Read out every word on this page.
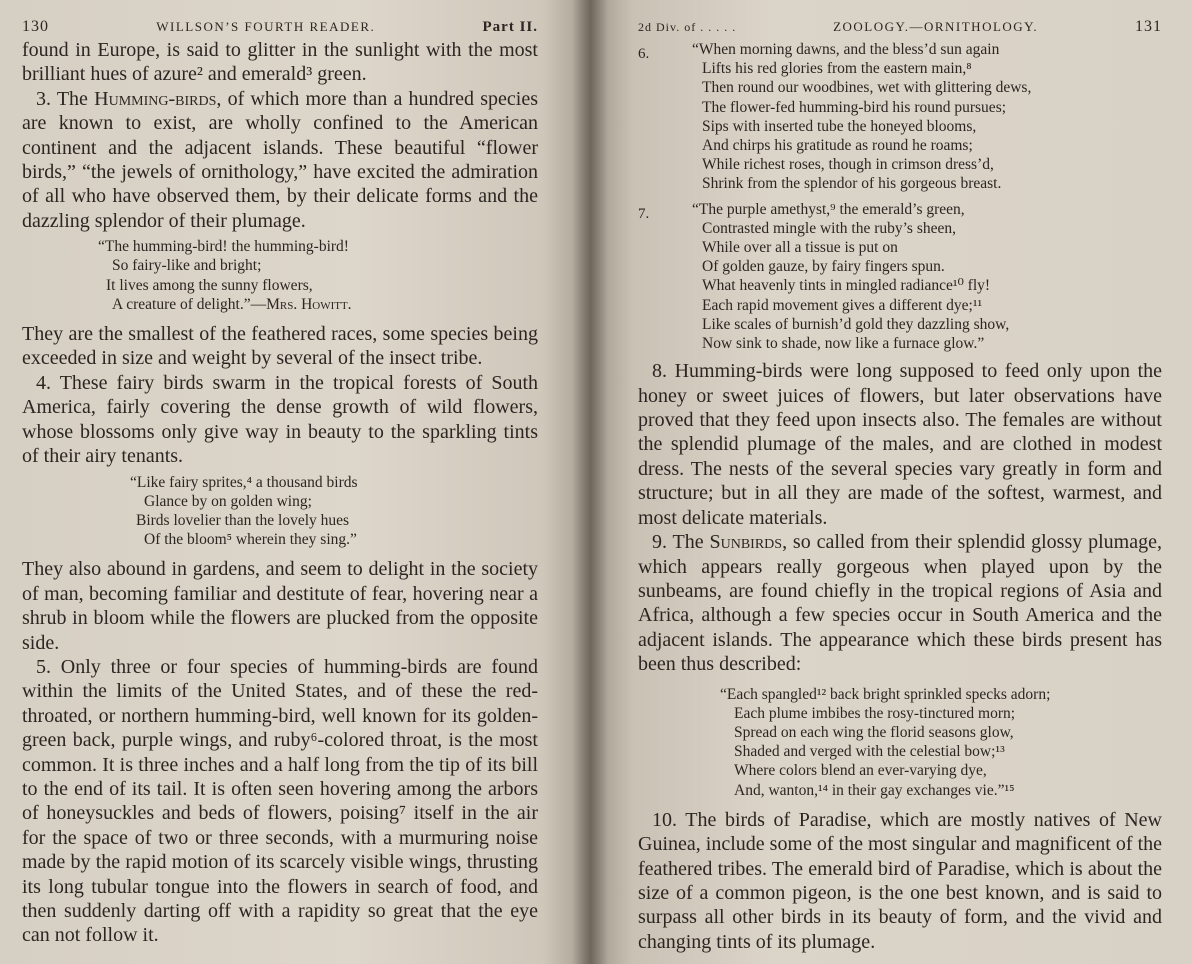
130	WILLSON’S FOURTH READER.	Part II.

found in Europe, is said to glitter in the sunlight with the most brilliant hues of azure² and emerald³ green.

3. The Humming-birds, of which more than a hundred species are known to exist, are wholly confined to the American continent and the adjacent islands. These beautiful “flower birds,” “the jewels of ornithology,” have excited the admiration of all who have observed them, by their delicate forms and the dazzling splendor of their plumage.

“The humming-bird! the humming-bird!
So fairy-like and bright;
It lives among the sunny flowers,
A creature of delight.”—Mrs. Howitt.

They are the smallest of the feathered races, some species being exceeded in size and weight by several of the insect tribe.

4. These fairy birds swarm in the tropical forests of South America, fairly covering the dense growth of wild flowers, whose blossoms only give way in beauty to the sparkling tints of their airy tenants.

“Like fairy sprites,⁴ a thousand birds
Glance by on golden wing;
Birds lovelier than the lovely hues
Of the bloom⁵ wherein they sing.”

They also abound in gardens, and seem to delight in the society of man, becoming familiar and destitute of fear, hovering near a shrub in bloom while the flowers are plucked from the opposite side.

5. Only three or four species of humming-birds are found within the limits of the United States, and of these the red-throated, or northern humming-bird, well known for its golden-green back, purple wings, and ruby⁶-colored throat, is the most common. It is three inches and a half long from the tip of its bill to the end of its tail. It is often seen hovering among the arbors of honeysuckles and beds of flowers, poising⁷ itself in the air for the space of two or three seconds, with a murmuring noise made by the rapid motion of its scarcely visible wings, thrusting its long tubular tongue into the flowers in search of food, and then suddenly darting off with a rapidity so great that the eye can not follow it.

2d Div. of . . . . .	ZOOLOGY.—ORNITHOLOGY.	131
6.	“When morning dawns, and the bless’d sun again
Lifts his red glories from the eastern main,⁸
Then round our woodbines, wet with glittering dews,
The flower-fed humming-bird his round pursues;
Sips with inserted tube the honeyed blooms,
And chirps his gratitude as round he roams;
While richest roses, though in crimson dress’d,
Shrink from the splendor of his gorgeous breast.
7.	“The purple amethyst,⁹ the emerald’s green,
Contrasted mingle with the ruby’s sheen,
While over all a tissue is put on
Of golden gauze, by fairy fingers spun.
What heavenly tints in mingled radiance¹⁰ fly!
Each rapid movement gives a different dye;¹¹
Like scales of burnish’d gold they dazzling show,
Now sink to shade, now like a furnace glow.”

8. Humming-birds were long supposed to feed only upon the honey or sweet juices of flowers, but later observations have proved that they feed upon insects also. The females are without the splendid plumage of the males, and are clothed in modest dress. The nests of the several species vary greatly in form and structure; but in all they are made of the softest, warmest, and most delicate materials.

9. The Sunbirds, so called from their splendid glossy plumage, which appears really gorgeous when played upon by the sunbeams, are found chiefly in the tropical regions of Asia and Africa, although a few species occur in South America and the adjacent islands. The appearance which these birds present has been thus described:

“Each spangled¹² back bright sprinkled specks adorn;
Each plume imbibes the rosy-tinctured morn;
Spread on each wing the florid seasons glow,
Shaded and verged with the celestial bow;¹³
Where colors blend an ever-varying dye,
And, wanton,¹⁴ in their gay exchanges vie.”¹⁵

10. The birds of Paradise, which are mostly natives of New Guinea, include some of the most singular and magnificent of the feathered tribes. The emerald bird of Paradise, which is about the size of a common pigeon, is the one best known, and is said to surpass all other birds in its beauty of form, and the vivid and changing tints of its plumage.
